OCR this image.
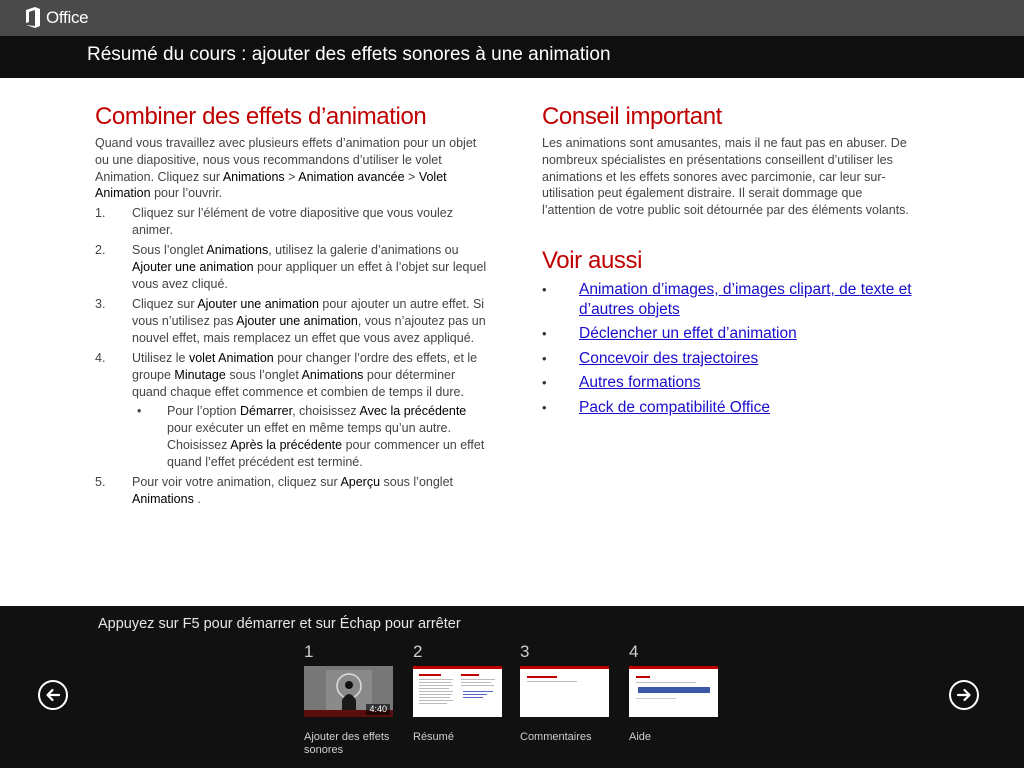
Office
Résumé du cours : ajouter des effets sonores à une animation
Combiner des effets d’animation

Quand vous travaillez avec plusieurs effets d’animation pour un objet ou une diapositive, nous vous recommandons d’utiliser le volet Animation. Cliquez sur Animations > Animation avancée > Volet Animation pour l’ouvrir.

1. Cliquez sur l’élément de votre diapositive que vous voulez animer.
2. Sous l’onglet Animations, utilisez la galerie d’animations ou Ajouter une animation pour appliquer un effet à l’objet sur lequel vous avez cliqué.
3. Cliquez sur Ajouter une animation pour ajouter un autre effet. Si vous n’utilisez pas Ajouter une animation, vous n’ajoutez pas un nouvel effet, mais remplacez un effet que vous avez appliqué.
4. Utilisez le volet Animation pour changer l’ordre des effets, et le groupe Minutage sous l’onglet Animations pour déterminer quand chaque effet commence et combien de temps il dure.
• Pour l’option Démarrer, choisissez Avec la précédente pour exécuter un effet en même temps qu’un autre. Choisissez Après la précédente pour commencer un effet quand l’effet précédent est terminé.
5. Pour voir votre animation, cliquez sur Aperçu sous l’onglet Animations .
Conseil important

Les animations sont amusantes, mais il ne faut pas en abuser. De nombreux spécialistes en présentations conseillent d’utiliser les animations et les effets sonores avec parcimonie, car leur sur-utilisation peut également distraire. Il serait dommage que l’attention de votre public soit détournée par des éléments volants.

Voir aussi
• Animation d’images, d’images clipart, de texte et d’autres objets
• Déclencher un effet d’animation
• Concevoir des trajectoires
• Autres formations
• Pack de compatibilité Office
Appuyez sur F5 pour démarrer et sur Échap pour arrêter
1
4:40
Ajouter des effets sonores
2
Résumé
3
Commentaires
4
Aide
